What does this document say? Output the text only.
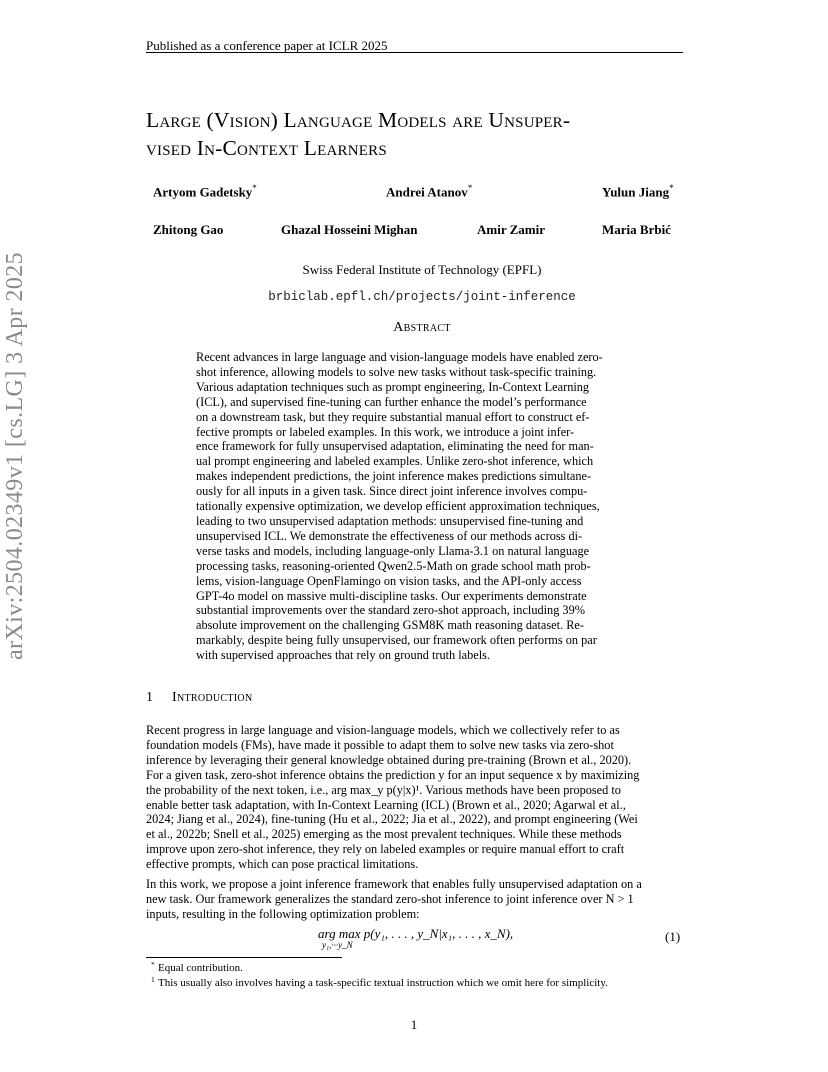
Published as a conference paper at ICLR 2025
arXiv:2504.02349v1 [cs.LG] 3 Apr 2025
Large (Vision) Language Models are Unsuper-
vised In-Context Learners
Artyom Gadetsky*	Andrei Atanov*	Yulun Jiang*
Zhitong Gao	Ghazal Hosseini Mighan	Amir Zamir	Maria Brbić
Swiss Federal Institute of Technology (EPFL)
brbiclab.epfl.ch/projects/joint-inference
Abstract
Recent advances in large language and vision-language models have enabled zero-
shot inference, allowing models to solve new tasks without task-specific training.
Various adaptation techniques such as prompt engineering, In-Context Learning
(ICL), and supervised fine-tuning can further enhance the model’s performance
on a downstream task, but they require substantial manual effort to construct ef-
fective prompts or labeled examples. In this work, we introduce a joint infer-
ence framework for fully unsupervised adaptation, eliminating the need for man-
ual prompt engineering and labeled examples. Unlike zero-shot inference, which
makes independent predictions, the joint inference makes predictions simultane-
ously for all inputs in a given task. Since direct joint inference involves compu-
tationally expensive optimization, we develop efficient approximation techniques,
leading to two unsupervised adaptation methods: unsupervised fine-tuning and
unsupervised ICL. We demonstrate the effectiveness of our methods across di-
verse tasks and models, including language-only Llama-3.1 on natural language
processing tasks, reasoning-oriented Qwen2.5-Math on grade school math prob-
lems, vision-language OpenFlamingo on vision tasks, and the API-only access
GPT-4o model on massive multi-discipline tasks. Our experiments demonstrate
substantial improvements over the standard zero-shot approach, including 39%
absolute improvement on the challenging GSM8K math reasoning dataset. Re-
markably, despite being fully unsupervised, our framework often performs on par
with supervised approaches that rely on ground truth labels.
1 Introduction
Recent progress in large language and vision-language models, which we collectively refer to as
foundation models (FMs), have made it possible to adapt them to solve new tasks via zero-shot
inference by leveraging their general knowledge obtained during pre-training (Brown et al., 2020).
For a given task, zero-shot inference obtains the prediction y for an input sequence x by maximizing
the probability of the next token, i.e., arg max_y p(y|x)¹. Various methods have been proposed to
enable better task adaptation, with In-Context Learning (ICL) (Brown et al., 2020; Agarwal et al.,
2024; Jiang et al., 2024), fine-tuning (Hu et al., 2022; Jia et al., 2022), and prompt engineering (Wei
et al., 2022b; Snell et al., 2025) emerging as the most prevalent techniques. While these methods
improve upon zero-shot inference, they rely on labeled examples or require manual effort to craft
effective prompts, which can pose practical limitations.
In this work, we propose a joint inference framework that enables fully unsupervised adaptation on a
new task. Our framework generalizes the standard zero-shot inference to joint inference over N > 1
inputs, resulting in the following optimization problem:
arg max p(y₁, . . . , y_N|x₁, . . . , x_N),
y₁,···y_N
(1)
* Equal contribution.
1 This usually also involves having a task-specific textual instruction which we omit here for simplicity.
1
